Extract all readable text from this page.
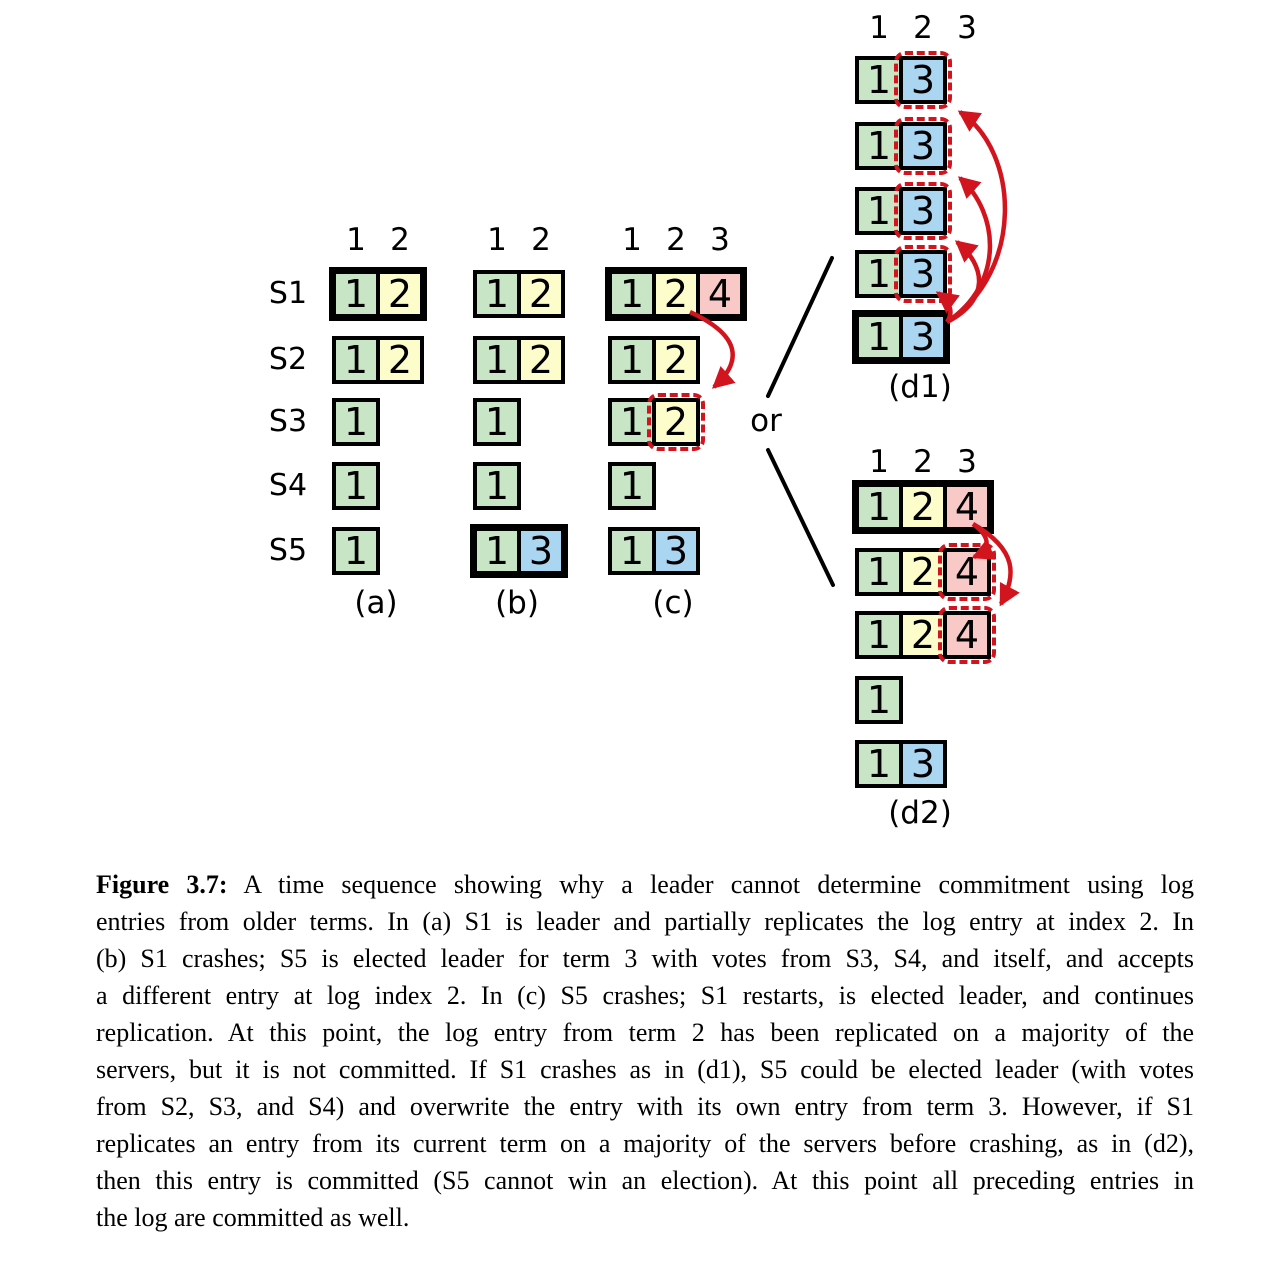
S1
S2
S3
S4
S5
1 2
1 2
1 2
1
1
1
(a)
1 2
1 2
1 2
1
1
1 3
(b)
1 2 3
1 2 4
1 2
1 2
1
1 3
(c)
or
1 2 3
1 3
1 3
1 3
1 3
1 3
(d1)
1 2 3
1 2 4
1 2 4
1 2 4
1
1 3
(d2)
Figure 3.7: A time sequence showing why a leader cannot determine commitment using log
entries from older terms. In (a) S1 is leader and partially replicates the log entry at index 2. In
(b) S1 crashes; S5 is elected leader for term 3 with votes from S3, S4, and itself, and accepts
a different entry at log index 2. In (c) S5 crashes; S1 restarts, is elected leader, and continues
replication. At this point, the log entry from term 2 has been replicated on a majority of the
servers, but it is not committed. If S1 crashes as in (d1), S5 could be elected leader (with votes
from S2, S3, and S4) and overwrite the entry with its own entry from term 3. However, if S1
replicates an entry from its current term on a majority of the servers before crashing, as in (d2),
then this entry is committed (S5 cannot win an election). At this point all preceding entries in
the log are committed as well.
